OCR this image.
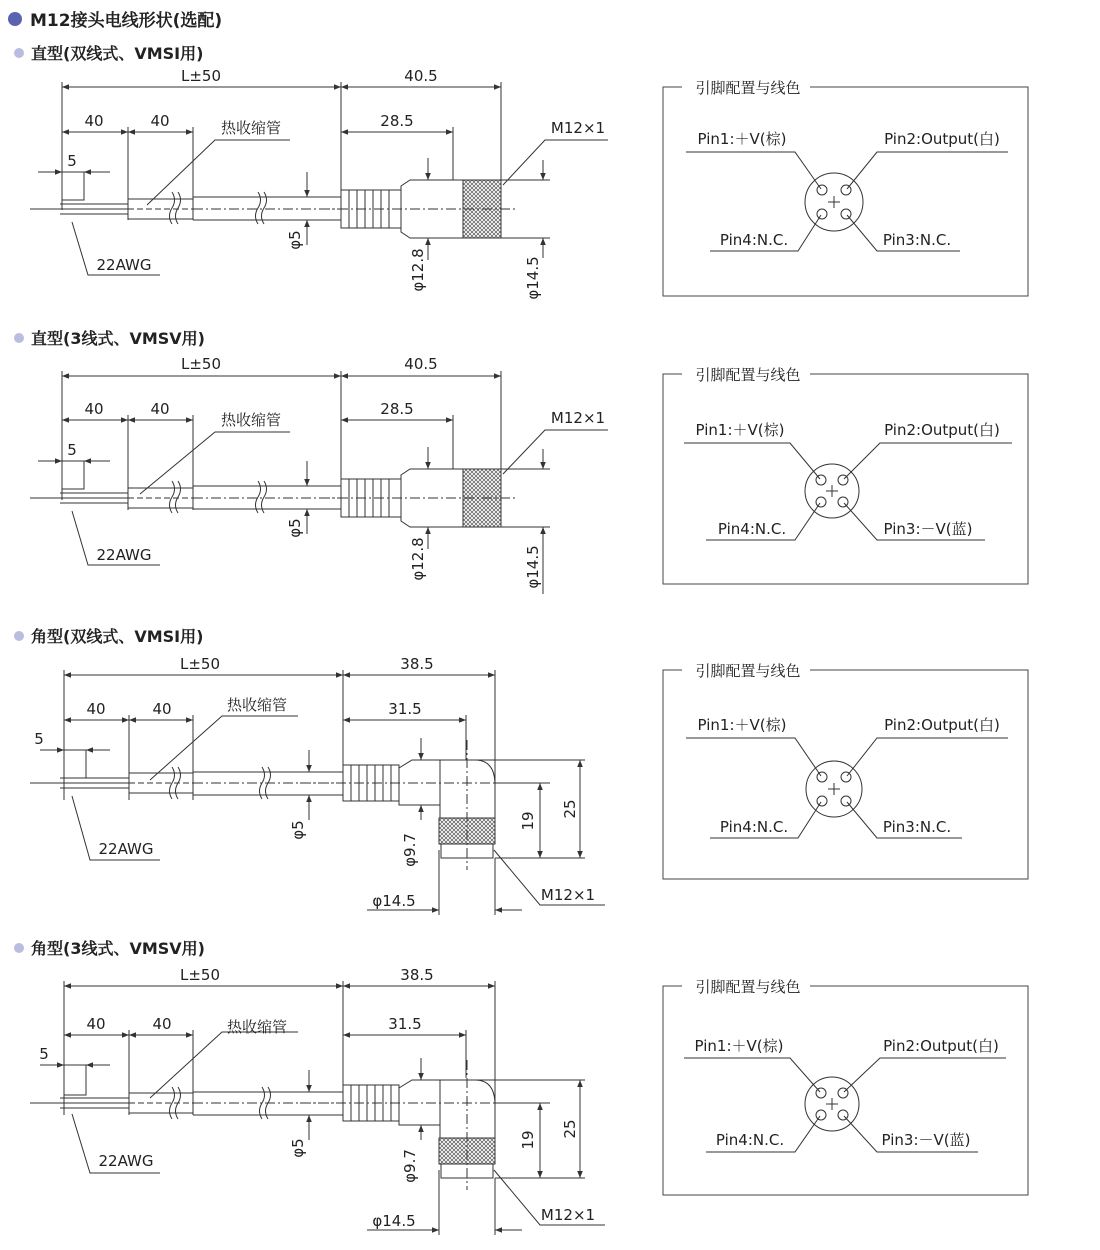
M12接头电线形状(选配)
直型(双线式、VMSI用)
直型(3线式、VMSV用)
角型(双线式、VMSI用)
角型(3线式、VMSV用)
L±50	40.5
40	40	28.5
5
热收缩管
22AWG
M12×1
φ5
φ12.8	φ14.5
引脚配置与线色
Pin1:＋V(棕)	Pin2:Output(白)
Pin4:N.C.	Pin3:N.C.
L±50	40.5
40	40	28.5
5
热收缩管
22AWG
M12×1
φ5
φ12.8	φ14.5
引脚配置与线色
Pin1:＋V(棕)	Pin2:Output(白)
Pin4:N.C.	Pin3:－V(蓝)
L±50	38.5
40	40	31.5
5
热收缩管
22AWG
M12×1
φ14.5
φ5
φ9.7
19
25
引脚配置与线色
Pin1:＋V(棕)	Pin2:Output(白)
Pin4:N.C.	Pin3:N.C.
L±50	38.5
40	40	31.5
5
热收缩管
22AWG
M12×1
φ14.5
φ5
φ9.7
19
25
引脚配置与线色
Pin1:＋V(棕)	Pin2:Output(白)
Pin4:N.C.	Pin3:－V(蓝)
